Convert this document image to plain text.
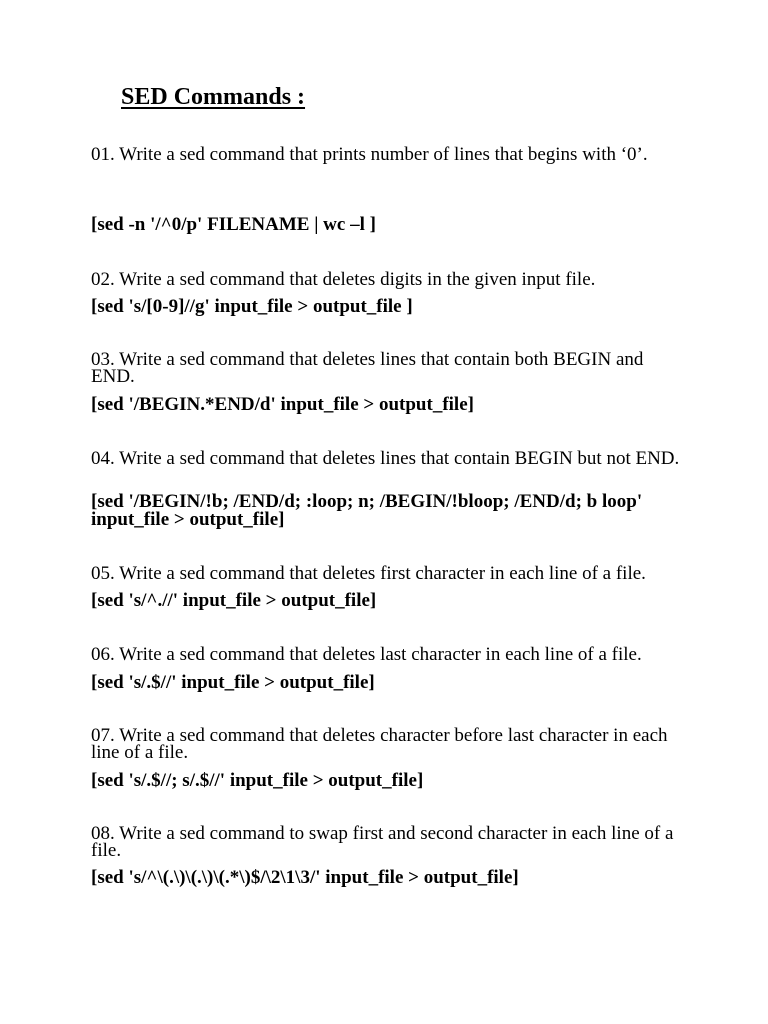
SED Commands :

01. Write a sed command that prints number of lines that begins with ‘0’.

[sed -n '/^0/p' FILENAME | wc –l ]

02. Write a sed command that deletes digits in the given input file.

[sed 's/[0-9]//g' input_file > output_file ]

03. Write a sed command that deletes lines that contain both BEGIN and END.

[sed '/BEGIN.*END/d' input_file > output_file]

04. Write a sed command that deletes lines that contain BEGIN but not END.

[sed '/BEGIN/!b; /END/d; :loop; n; /BEGIN/!bloop; /END/d; b loop' input_file > output_file]

05. Write a sed command that deletes first character in each line of a file.

[sed 's/^.//' input_file > output_file]

06. Write a sed command that deletes last character in each line of a file.

[sed 's/.$//' input_file > output_file]

07. Write a sed command that deletes character before last character in each line of a file.

[sed 's/.$//; s/.$//' input_file > output_file]

08. Write a sed command to swap first and second character in each line of a file.

[sed 's/^\(.\)\(.\)\(.*\)$/\2\1\3/' input_file > output_file]
